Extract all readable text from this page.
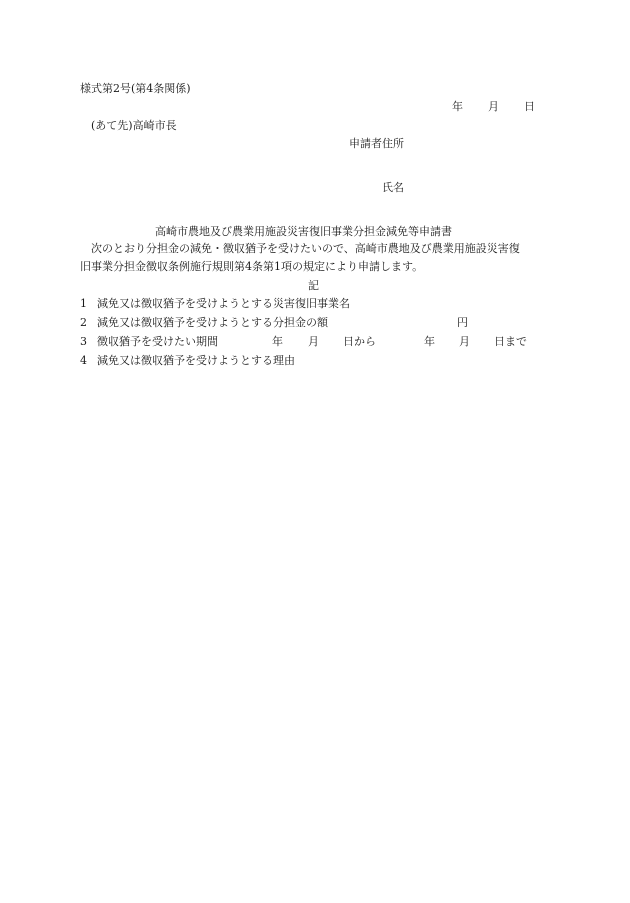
様式第2号(第4条関係)
年 月 日
(あて先)高崎市長
申請者住所
氏名
高崎市農地及び農業用施設災害復旧事業分担金減免等申請書
次のとおり分担金の減免・徴収猶予を受けたいので、高崎市農地及び農業用施設災害復
旧事業分担金徴収条例施行規則第4条第1項の規定により申請します。
記
1 減免又は徴収猶予を受けようとする災害復旧事業名
2 減免又は徴収猶予を受けようとする分担金の額	円
3 徴収猶予を受けたい期間	年 月 日から	年 月 日まで
4 減免又は徴収猶予を受けようとする理由
